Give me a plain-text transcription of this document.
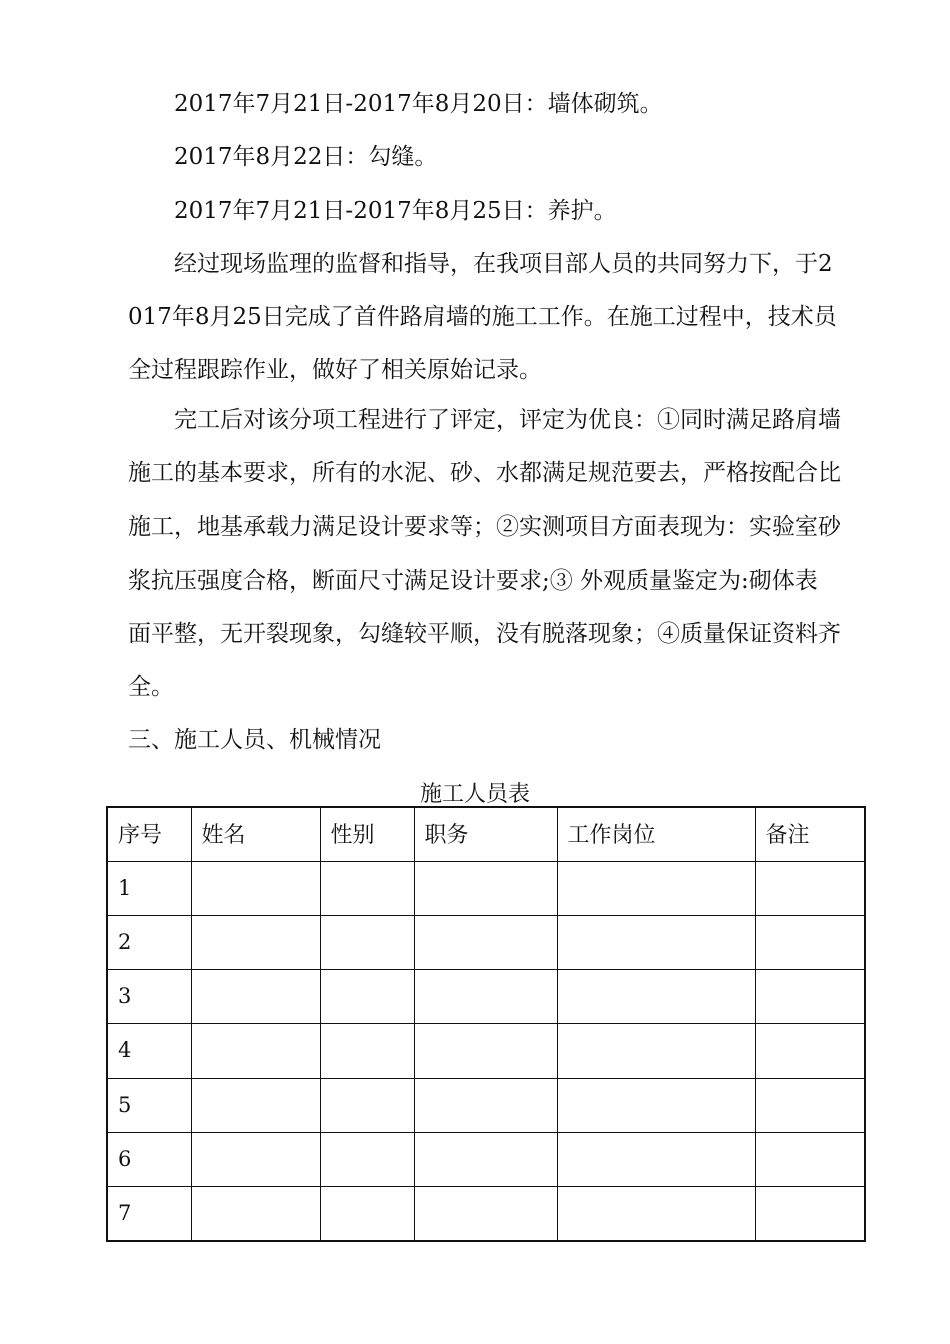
2017年7月21日-2017年8月20日：墙体砌筑。
2017年8月22日：勾缝。
2017年7月21日-2017年8月25日：养护。
经过现场监理的监督和指导，在我项目部人员的共同努力下，于2
017年8月25日完成了首件路肩墙的施工工作。在施工过程中，技术员
全过程跟踪作业，做好了相关原始记录。
完工后对该分项工程进行了评定，评定为优良：①同时满足路肩墙
施工的基本要求，所有的水泥、砂、水都满足规范要去，严格按配合比
施工，地基承载力满足设计要求等；②实测项目方面表现为：实验室砂
浆抗压强度合格，断面尺寸满足设计要求;③ 外观质量鉴定为:砌体表
面平整，无开裂现象，勾缝较平顺，没有脱落现象；④质量保证资料齐
全。
三、施工人员、机械情况
施工人员表
序号	姓名	性别	职务	工作岗位	备注
1					
2					
3					
4					
5					
6					
7					
